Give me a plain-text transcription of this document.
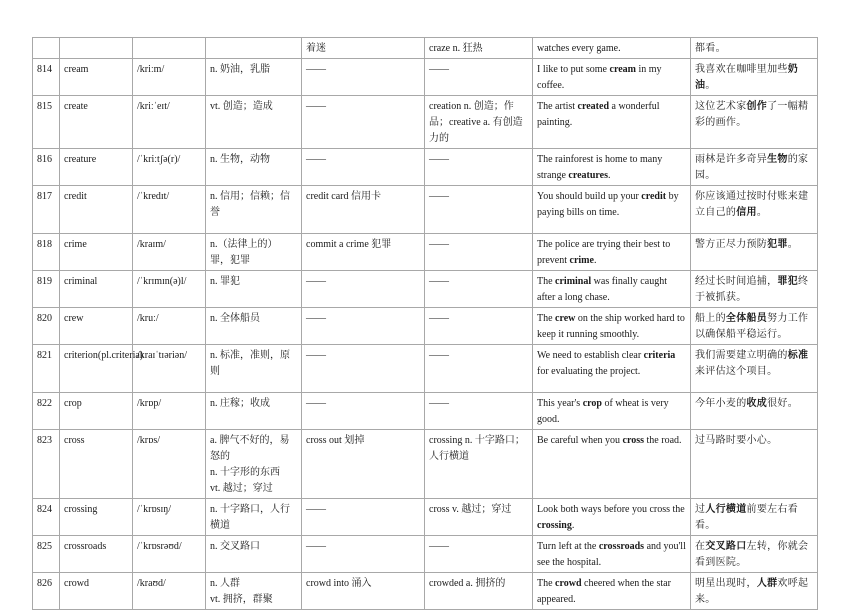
				着迷	craze n. 狂热	watches every game.	都看。
814	cream	/kriːm/	n. 奶油，乳脂	——	——	I like to put some cream in my coffee.	我喜欢在咖啡里加些奶油。
815	create	/kriːˈeɪt/	vt. 创造；造成	——	creation n. 创造；作品；creative a. 有创造力的	The artist created a wonderful painting.	这位艺术家创作了一幅精彩的画作。
816	creature	/ˈkriːtʃə(r)/	n. 生物，动物	——	——	The rainforest is home to many strange creatures.	雨林是许多奇异生物的家园。
817	credit	/ˈkredɪt/	n. 信用；信赖；信誉	credit card 信用卡	——	You should build up your credit by paying bills on time.	你应该通过按时付账来建立自己的信用。
818	crime	/kraɪm/	n.（法律上的）罪，犯罪	commit a crime 犯罪	——	The police are trying their best to prevent crime.	警方正尽力预防犯罪。
819	criminal	/ˈkrɪmɪn(ə)l/	n. 罪犯	——	——	The criminal was finally caught after a long chase.	经过长时间追捕，罪犯终于被抓获。
820	crew	/kruː/	n. 全体船员	——	——	The crew on the ship worked hard to keep it running smoothly.	船上的全体船员努力工作以确保船平稳运行。
821	criterion(pl.criteria)	/kraɪˈtɪəriən/	n. 标准，准则，原则	——	——	We need to establish clear criteria for evaluating the project.	我们需要建立明确的标准来评估这个项目。
822	crop	/krɒp/	n. 庄稼；收成	——	——	This year's crop of wheat is very good.	今年小麦的收成很好。
823	cross	/krɒs/	a. 脾气不好的，易怒的
n. 十字形的东西
vt. 越过；穿过	cross out 划掉	crossing n. 十字路口；人行横道	Be careful when you cross the road.	过马路时要小心。
824	crossing	/ˈkrɒsɪŋ/	n. 十字路口，人行横道	——	cross v. 越过；穿过	Look both ways before you cross the crossing.	过人行横道前要左右看看。
825	crossroads	/ˈkrɒsrəʊd/	n. 交叉路口	——	——	Turn left at the crossroads and you'll see the hospital.	在交叉路口左转，你就会看到医院。
826	crowd	/kraʊd/	n. 人群
vt. 拥挤，群聚	crowd into 涌入	crowded a. 拥挤的	The crowd cheered when the star appeared.	明星出现时，人群欢呼起来。
